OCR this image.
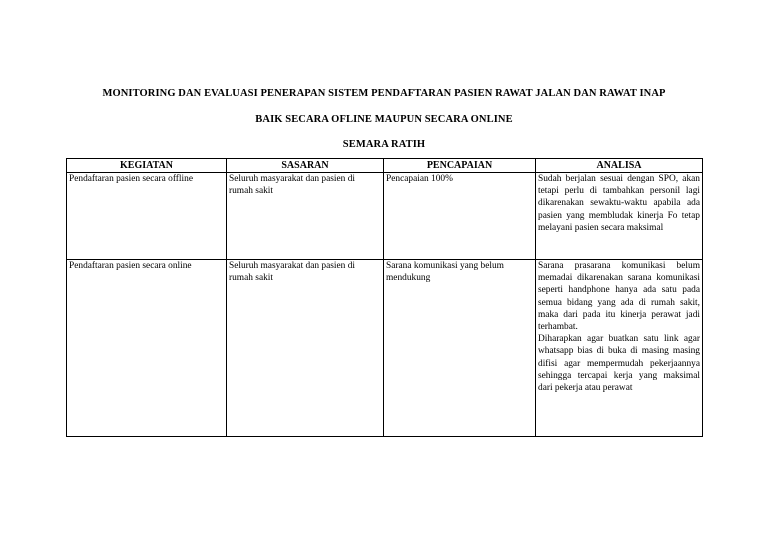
MONITORING DAN EVALUASI PENERAPAN SISTEM PENDAFTARAN PASIEN RAWAT JALAN DAN RAWAT INAP
BAIK SECARA OFLINE MAUPUN SECARA ONLINE
SEMARA RATIH
KEGIATAN	SASARAN	PENCAPAIAN	ANALISA
Pendaftaran pasien secara offline	Seluruh masyarakat dan pasien di rumah sakit	Pencapaian 100%	Sudah berjalan sesuai dengan SPO, akan tetapi perlu di tambahkan personil lagi dikarenakan sewaktu-waktu apabila ada pasien yang membludak kinerja Fo tetap melayani pasien secara maksimal

Pendaftaran pasien secara online	Seluruh masyarakat dan pasien di rumah sakit	Sarana komunikasi yang belum mendukung	Sarana prasarana komunikasi belum memadai dikarenakan sarana komunikasi seperti handphone hanya ada satu pada semua bidang yang ada di rumah sakit, maka dari pada itu kinerja perawat jadi terhambat.
Diharapkan agar buatkan satu link agar whatsapp bias di buka di masing masing difisi agar mempermudah pekerjaannya sehingga tercapai kerja yang maksimal dari pekerja atau perawat
